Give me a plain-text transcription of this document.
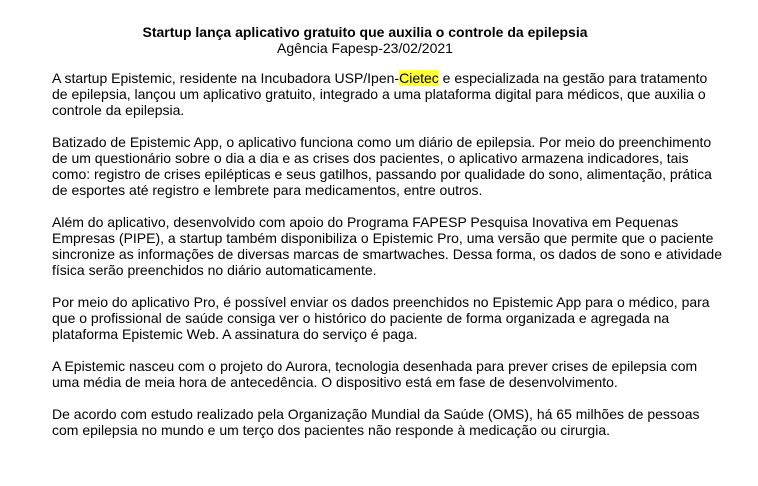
Startup lança aplicativo gratuito que auxilia o controle da epilepsia
Agência Fapesp-23/02/2021

A startup Epistemic, residente na Incubadora USP/Ipen-Cietec e especializada na gestão para tratamento de epilepsia, lançou um aplicativo gratuito, integrado a uma plataforma digital para médicos, que auxilia o controle da epilepsia.

Batizado de Epistemic App, o aplicativo funciona como um diário de epilepsia. Por meio do preenchimento de um questionário sobre o dia a dia e as crises dos pacientes, o aplicativo armazena indicadores, tais como: registro de crises epilépticas e seus gatilhos, passando por qualidade do sono, alimentação, prática de esportes até registro e lembrete para medicamentos, entre outros.

Além do aplicativo, desenvolvido com apoio do Programa FAPESP Pesquisa Inovativa em Pequenas Empresas (PIPE), a startup também disponibiliza o Epistemic Pro, uma versão que permite que o paciente sincronize as informações de diversas marcas de smartwaches. Dessa forma, os dados de sono e atividade física serão preenchidos no diário automaticamente.

Por meio do aplicativo Pro, é possível enviar os dados preenchidos no Epistemic App para o médico, para que o profissional de saúde consiga ver o histórico do paciente de forma organizada e agregada na plataforma Epistemic Web. A assinatura do serviço é paga.

A Epistemic nasceu com o projeto do Aurora, tecnologia desenhada para prever crises de epilepsia com uma média de meia hora de antecedência. O dispositivo está em fase de desenvolvimento.

De acordo com estudo realizado pela Organização Mundial da Saúde (OMS), há 65 milhões de pessoas com epilepsia no mundo e um terço dos pacientes não responde à medicação ou cirurgia.
